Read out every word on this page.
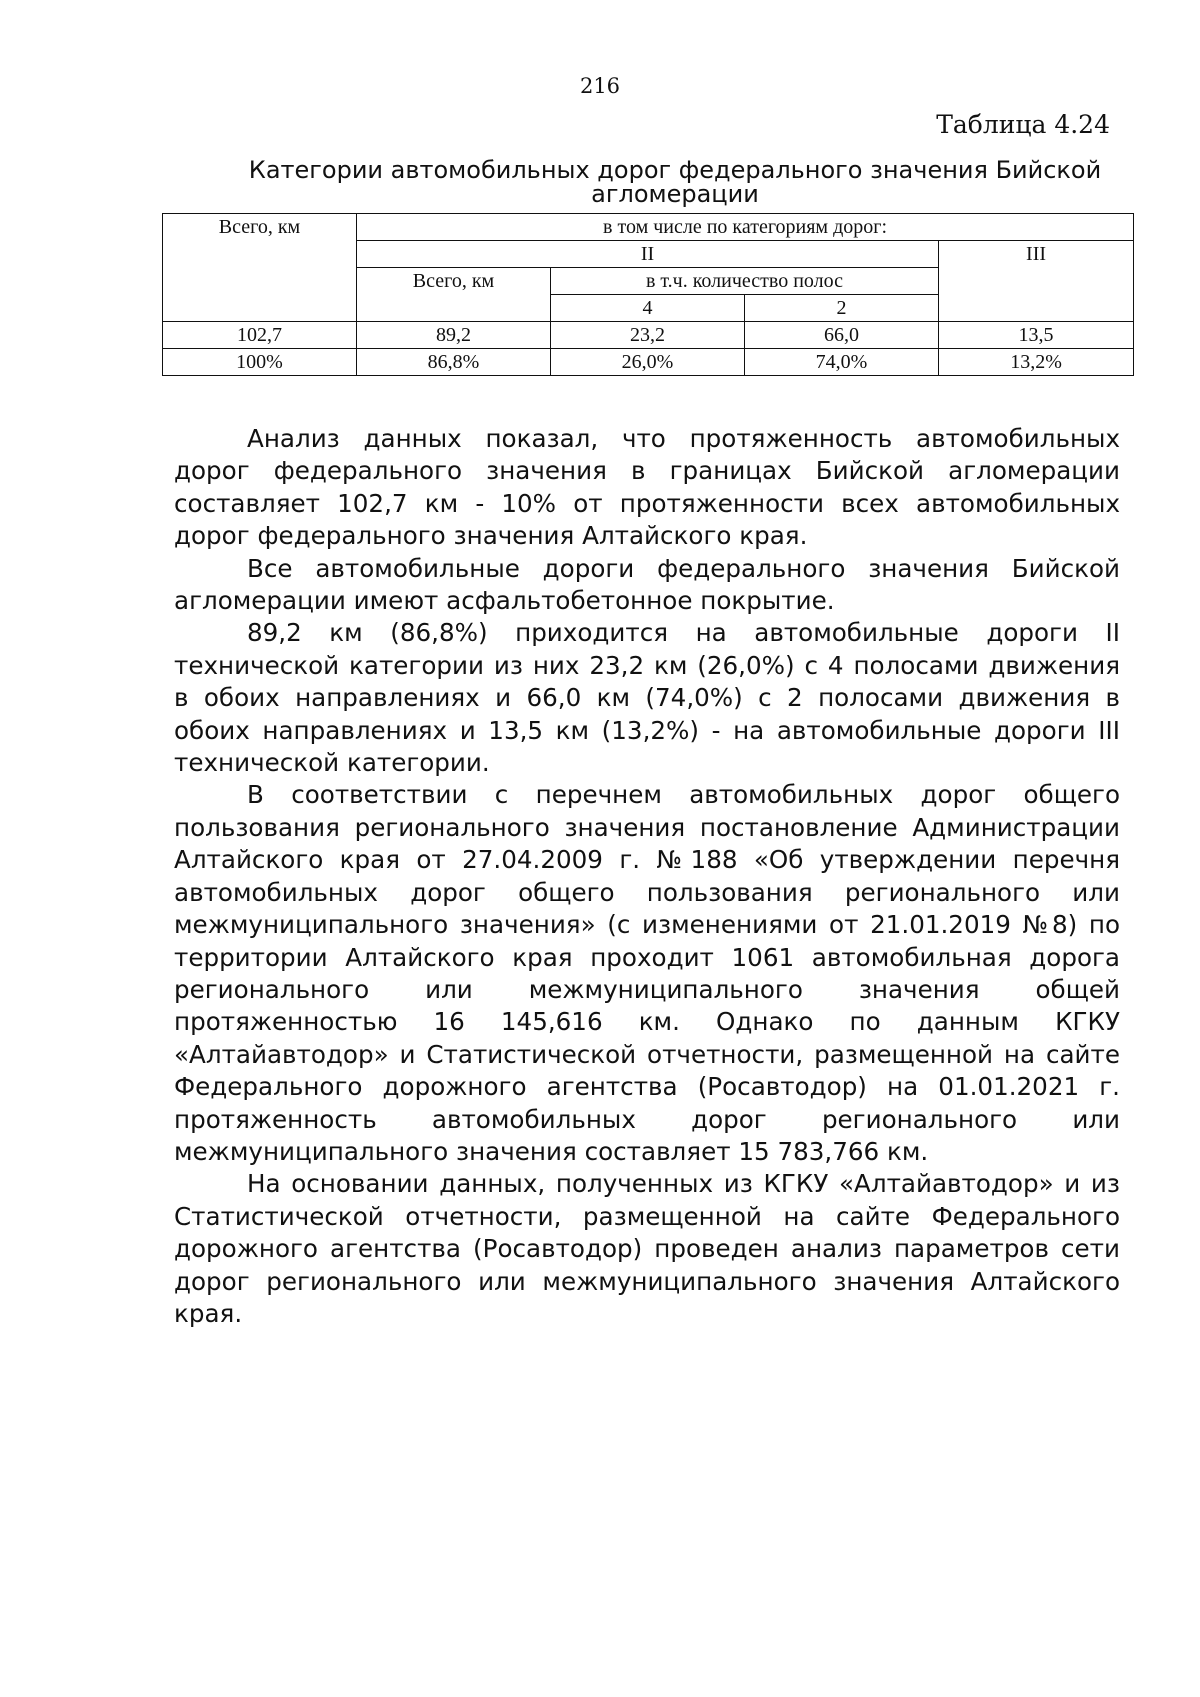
216
Таблица 4.24
Категории автомобильных дорог федерального значения Бийской агломерации
Всего, км	в том числе по категориям дорог:			
	II			III
	Всего, км	в т.ч. количество полос		
		4	2	
102,7	89,2	23,2	66,0	13,5
100%	86,8%	26,0%	74,0%	13,2%

Анализ данных показал, что протяженность автомобильных дорог федерального значения в границах Бийской агломерации составляет 102,7 км - 10% от протяженности всех автомобильных дорог федерального значения Алтайского края.

Все автомобильные дороги федерального значения Бийской агломерации имеют асфальтобетонное покрытие.

89,2 км (86,8%) приходится на автомобильные дороги II технической категории из них 23,2 км (26,0%) с 4 полосами движения в обоих направлениях и 66,0 км (74,0%) с 2 полосами движения в обоих направлениях и 13,5 км (13,2%) - на автомобильные дороги III технической категории.

В соответствии с перечнем автомобильных дорог общего пользования регионального значения постановление Администрации Алтайского края от 27.04.2009 г. №188 «Об утверждении перечня автомобильных дорог общего пользования регионального или межмуниципального значения» (с изменениями от 21.01.2019 №8) по территории Алтайского края проходит 1061 автомобильная дорога регионального или межмуниципального значения общей протяженностью 16 145,616 км. Однако по данным КГКУ «Алтайавтодор» и Статистической отчетности, размещенной на сайте Федерального дорожного агентства (Росавтодор) на 01.01.2021 г. протяженность автомобильных дорог регионального или межмуниципального значения составляет 15 783,766 км.

На основании данных, полученных из КГКУ «Алтайавтодор» и из Статистической отчетности, размещенной на сайте Федерального дорожного агентства (Росавтодор) проведен анализ параметров сети дорог регионального или межмуниципального значения Алтайского края.
